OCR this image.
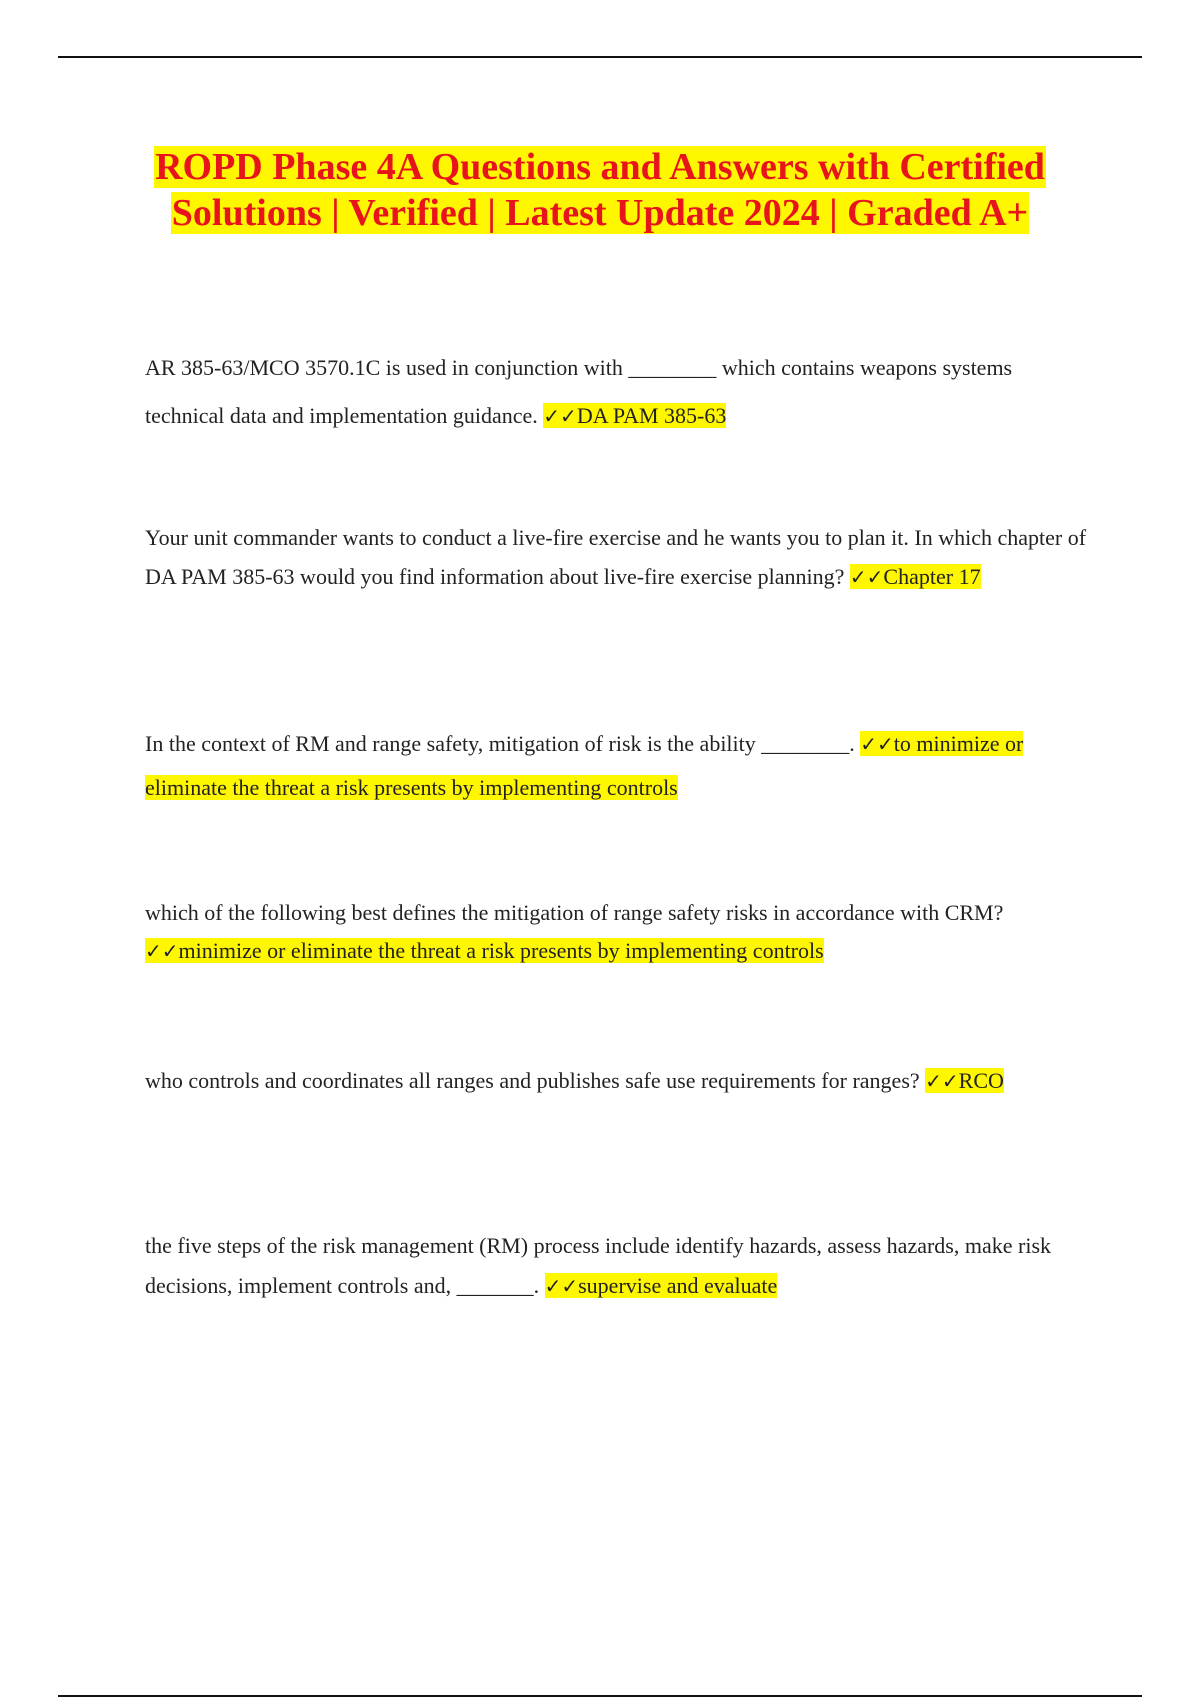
ROPD Phase 4A Questions and Answers with Certified Solutions | Verified | Latest Update 2024 | Graded A+

AR 385-63/MCO 3570.1C is used in conjunction with ________ which contains weapons systems technical data and implementation guidance. ✓✓DA PAM 385-63

Your unit commander wants to conduct a live-fire exercise and he wants you to plan it. In which chapter of DA PAM 385-63 would you find information about live-fire exercise planning? ✓✓Chapter 17

In the context of RM and range safety, mitigation of risk is the ability ________. ✓✓to minimize or eliminate the threat a risk presents by implementing controls

which of the following best defines the mitigation of range safety risks in accordance with CRM? ✓✓minimize or eliminate the threat a risk presents by implementing controls

who controls and coordinates all ranges and publishes safe use requirements for ranges? ✓✓RCO

the five steps of the risk management (RM) process include identify hazards, assess hazards, make risk decisions, implement controls and, _______. ✓✓supervise and evaluate
